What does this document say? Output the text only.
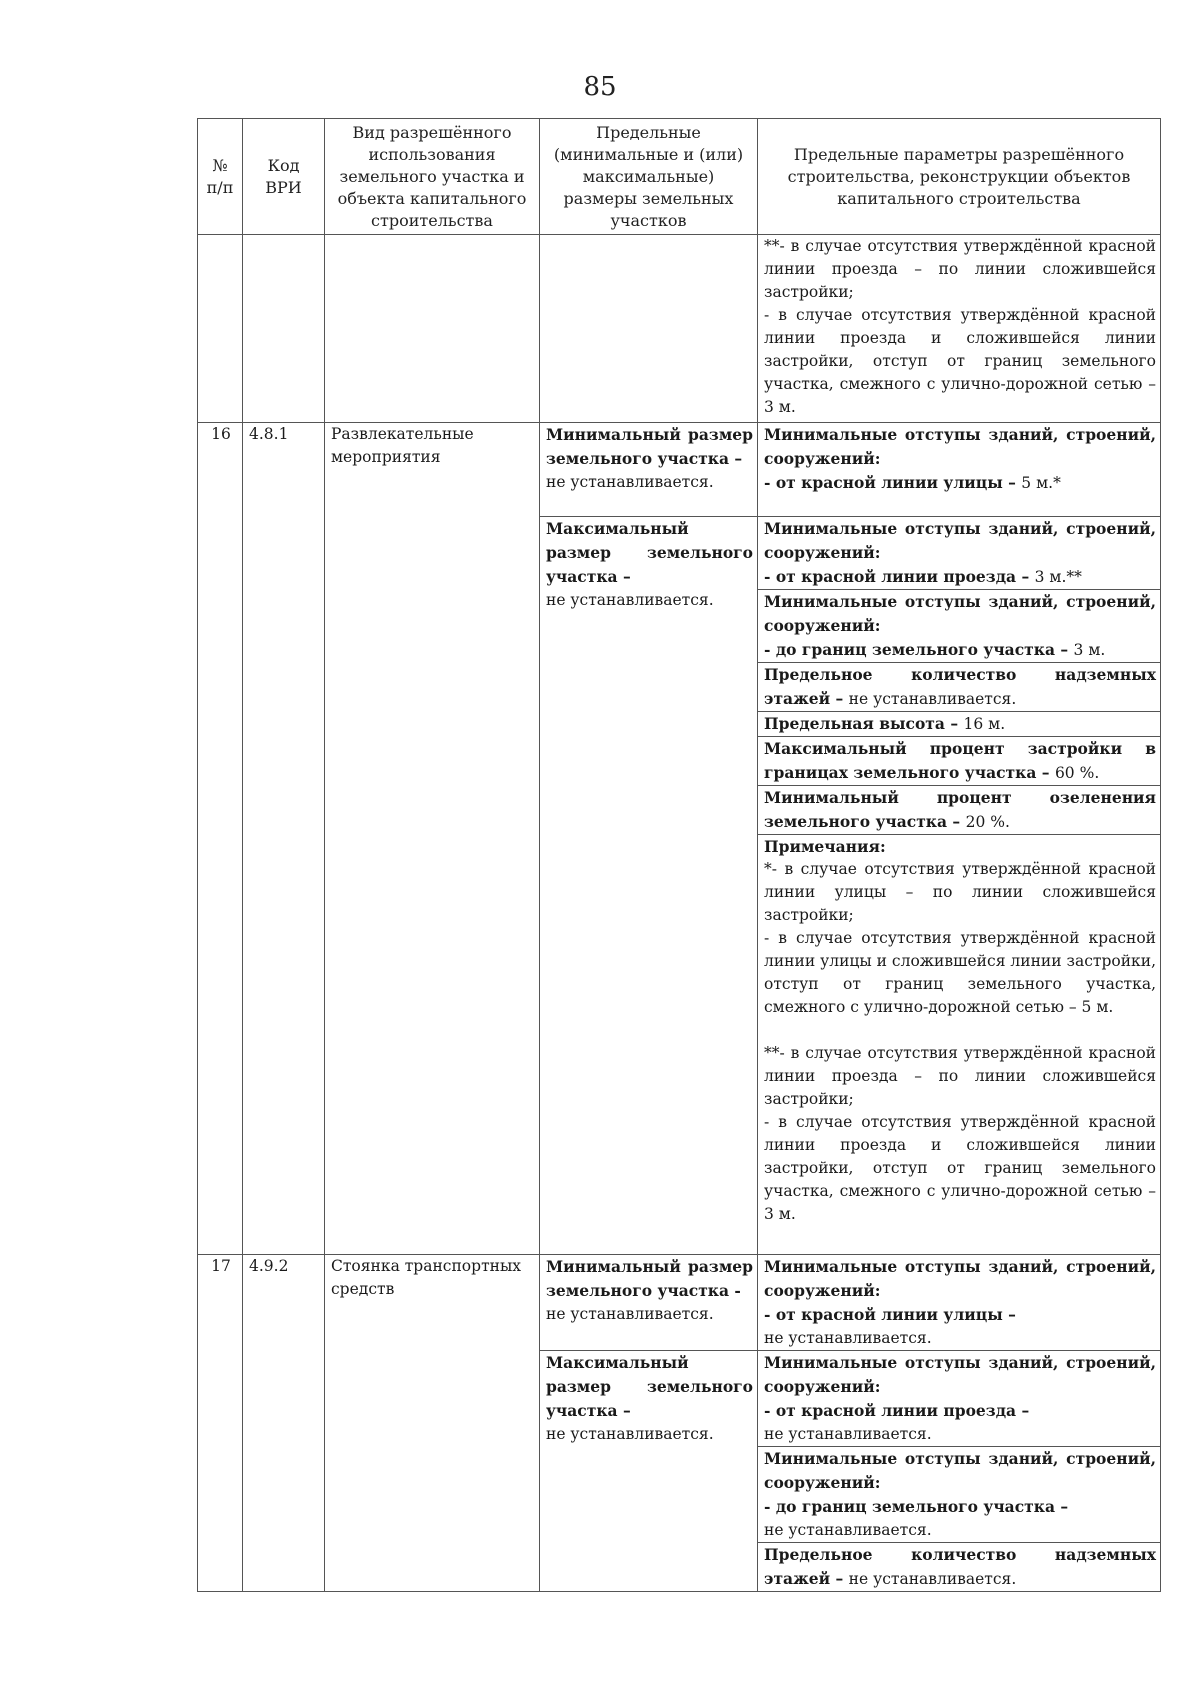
85
№ п/п	Код ВРИ	Вид разрешённого использования земельного участка и объекта капитального строительства	Предельные (минимальные и (или) максимальные) размеры земельных участков	Предельные параметры разрешённого строительства, реконструкции объектов капитального строительства

				**- в случае отсутствия утверждённой красной линии проезда – по линии сложившейся застройки;
- в случае отсутствия утверждённой красной линии проезда и сложившейся линии застройки, отступ от границ земельного участка, смежного с улично-дорожной сетью – 3 м.

16	4.8.1	Развлекательные мероприятия	Минимальный размер земельного участка –
не устанавливается.	Минимальные отступы зданий, строений, сооружений:
- от красной линии улицы – 5 м.*
			Максимальный размер земельного участка –
не устанавливается.	Минимальные отступы зданий, строений, сооружений:
- от красной линии проезда – 3 м.**
				Минимальные отступы зданий, строений, сооружений:
- до границ земельного участка – 3 м.
				Предельное количество надземных этажей – не устанавливается.
				Предельная высота – 16 м.
				Максимальный процент застройки в границах земельного участка – 60 %.
				Минимальный процент озеленения земельного участка – 20 %.

				Примечания:
*- в случае отсутствия утверждённой красной линии улицы – по линии сложившейся застройки;
- в случае отсутствия утверждённой красной линии улицы и сложившейся линии застройки, отступ от границ земельного участка, смежного с улично-дорожной сетью – 5 м.
**- в случае отсутствия утверждённой красной линии проезда – по линии сложившейся застройки;
- в случае отсутствия утверждённой красной линии проезда и сложившейся линии застройки, отступ от границ земельного участка, смежного с улично-дорожной сетью – 3 м.

17	4.9.2	Стоянка транспортных средств	Минимальный размер земельного участка -
не устанавливается.	Минимальные отступы зданий, строений, сооружений:
- от красной линии улицы –
не устанавливается.
			Максимальный размер земельного участка –
не устанавливается.	Минимальные отступы зданий, строений, сооружений:
- от красной линии проезда –
не устанавливается.
				Минимальные отступы зданий, строений, сооружений:
- до границ земельного участка –
не устанавливается.
				Предельное количество надземных этажей – не устанавливается.
